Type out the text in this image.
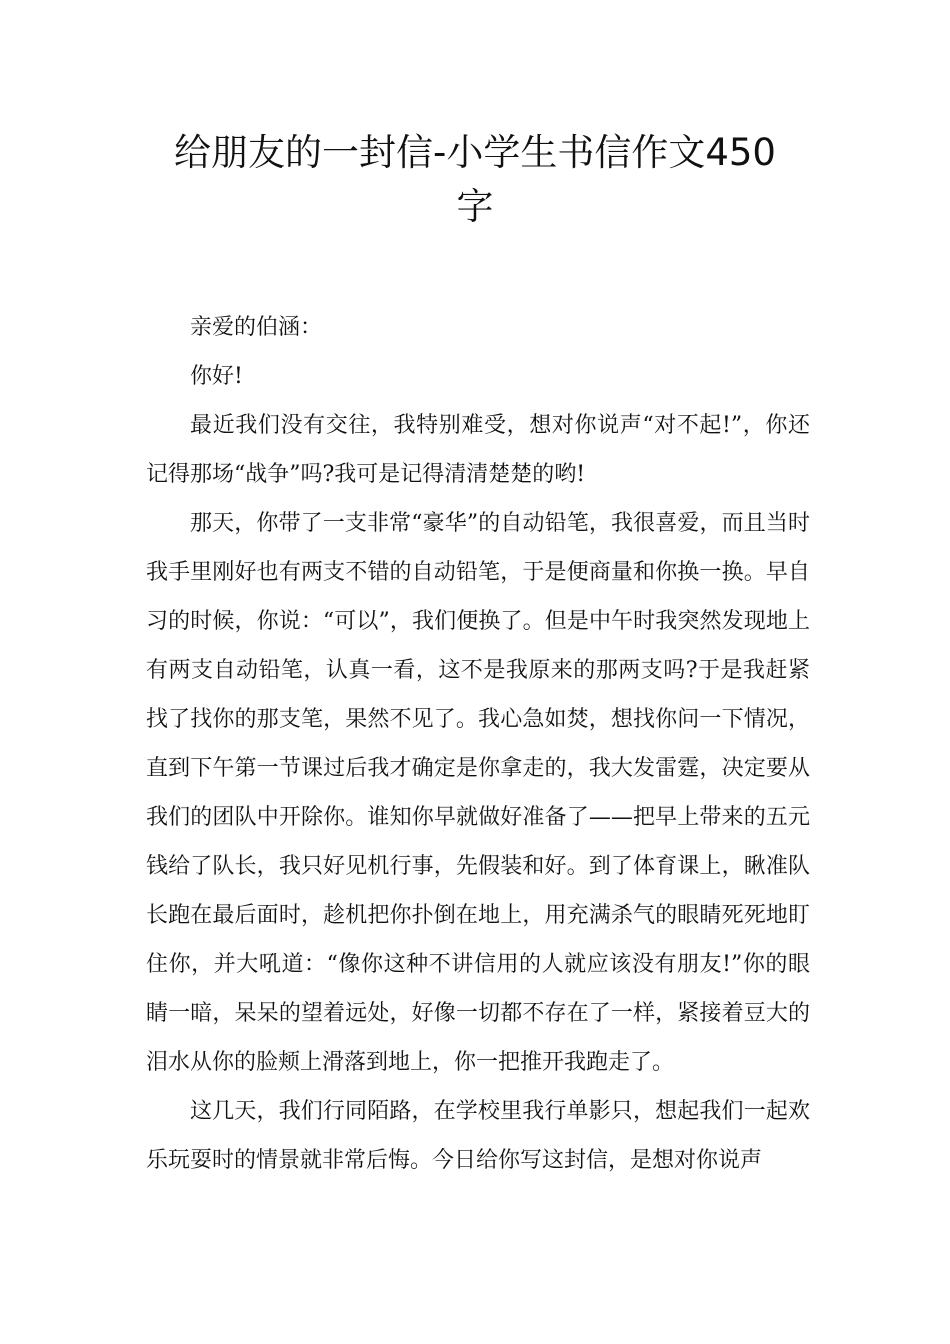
给朋友的一封信-小学生书信作文450
字

亲爱的伯涵：

你好!

最近我们没有交往，我特别难受，想对你说声“对不起!”，你还记得那场“战争”吗?我可是记得清清楚楚的哟!

那天，你带了一支非常“豪华”的自动铅笔，我很喜爱，而且当时我手里刚好也有两支不错的自动铅笔，于是便商量和你换一换。早自习的时候，你说：“可以”，我们便换了。但是中午时我突然发现地上有两支自动铅笔，认真一看，这不是我原来的那两支吗?于是我赶紧找了找你的那支笔，果然不见了。我心急如焚，想找你问一下情况，直到下午第一节课过后我才确定是你拿走的，我大发雷霆，决定要从我们的团队中开除你。谁知你早就做好准备了——把早上带来的五元钱给了队长，我只好见机行事，先假装和好。到了体育课上，瞅准队长跑在最后面时，趁机把你扑倒在地上，用充满杀气的眼睛死死地盯住你，并大吼道：“像你这种不讲信用的人就应该没有朋友!”你的眼睛一暗，呆呆的望着远处，好像一切都不存在了一样，紧接着豆大的泪水从你的脸颊上滑落到地上，你一把推开我跑走了。

这几天，我们行同陌路，在学校里我行单影只，想起我们一起欢乐玩耍时的情景就非常后悔。今日给你写这封信，是想对你说声
